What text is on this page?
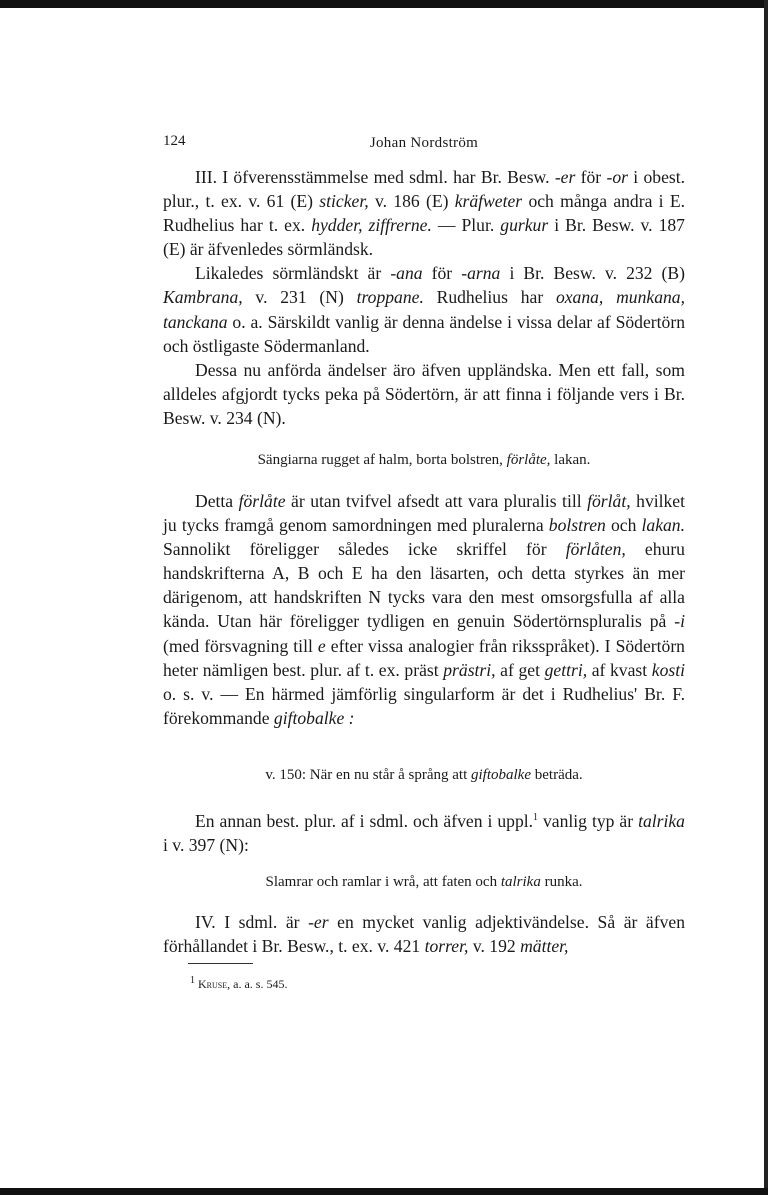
124	Johan Nordström

III. I öfverensstämmelse med sdml. har Br. Besw. -er för -or i obest. plur., t. ex. v. 61 (E) sticker, v. 186 (E) kräfweter och många andra i E. Rudhelius har t. ex. hydder, ziffrerne. — Plur. gurkur i Br. Besw. v. 187 (E) är äfvenledes sörmländsk.

Likaledes sörmländskt är -ana för -arna i Br. Besw. v. 232 (B) Kambrana, v. 231 (N) troppane. Rudhelius har oxana, munkana, tanckana o. a. Särskildt vanlig är denna ändelse i vissa delar af Södertörn och östligaste Södermanland.

Dessa nu anförda ändelser äro äfven uppländska. Men ett fall, som alldeles afgjordt tycks peka på Södertörn, är att finna i följande vers i Br. Besw. v. 234 (N).

Sängiarna rugget af halm, borta bolstren, förlåte, lakan.

Detta förlåte är utan tvifvel afsedt att vara pluralis till förlåt, hvilket ju tycks framgå genom samordningen med pluralerna bolstren och lakan. Sannolikt föreligger således icke skriffel för förlåten, ehuru handskrifterna A, B och E ha den läsarten, och detta styrkes än mer därigenom, att handskriften N tycks vara den mest omsorgsfulla af alla kända. Utan här föreligger tydligen en genuin Södertörnspluralis på -i (med försvagning till e efter vissa analogier från riksspråket). I Södertörn heter nämligen best. plur. af t. ex. präst prästri, af get gettri, af kvast kosti o. s. v. — En härmed jämförlig singularform är det i Rudhelius' Br. F. förekommande giftobalke :

v. 150: När en nu står å språng att giftobalke beträda.

En annan best. plur. af i sdml. och äfven i uppl.$^1$ vanlig typ är talrika i v. 397 (N):

Slamrar och ramlar i wrå, att faten och talrika runka.

IV. I sdml. är -er en mycket vanlig adjektivändelse. Så är äfven förhållandet i Br. Besw., t. ex. v. 421 torrer, v. 192 mätter,

$^1$ Kruse, a. a. s. 545.
